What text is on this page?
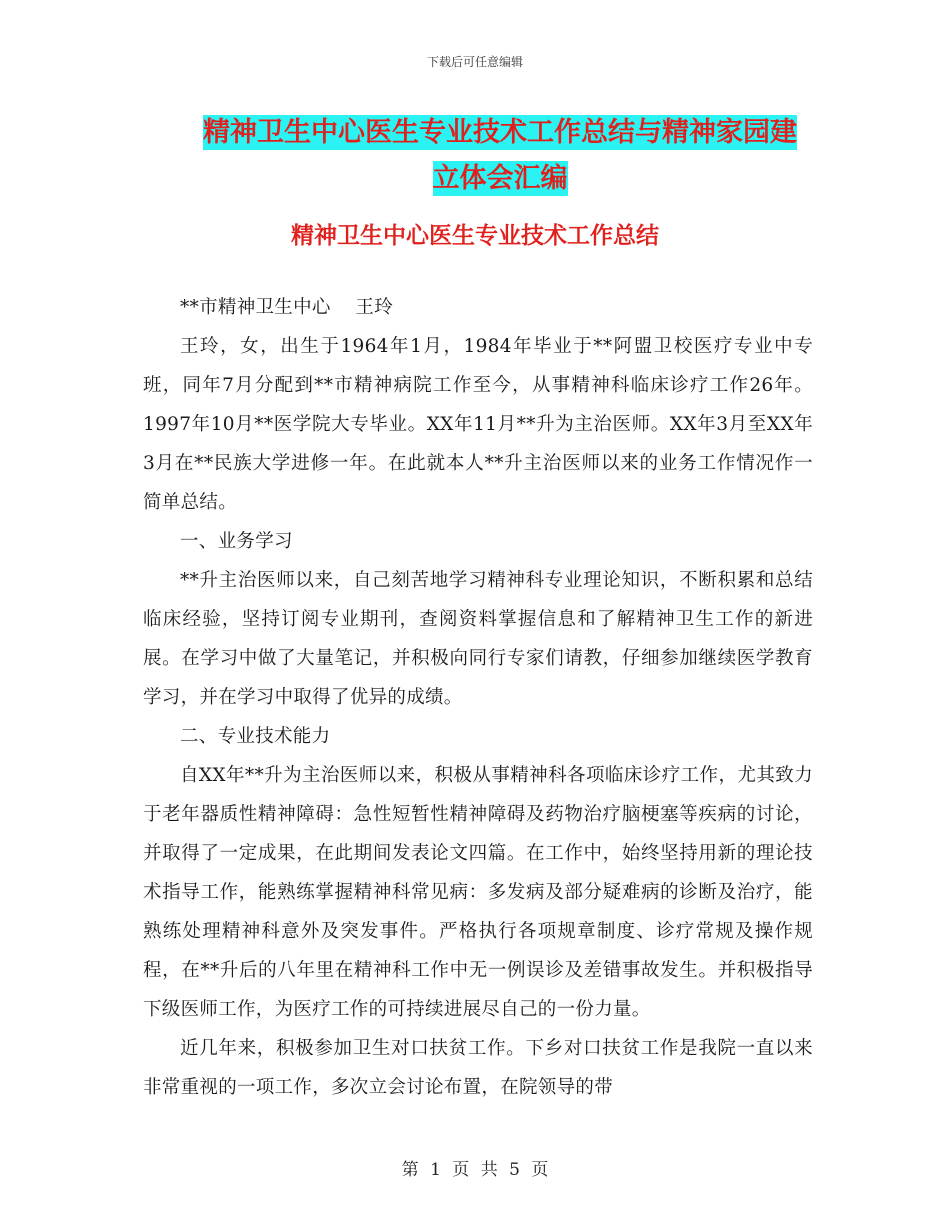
下载后可任意编辑
精神卫生中心医生专业技术工作总结与精神家园建立体会汇编
精神卫生中心医生专业技术工作总结

**市精神卫生中心    王玲

王玲，女，出生于1964年1月，1984年毕业于**阿盟卫校医疗专业中专班，同年7月分配到**市精神病院工作至今，从事精神科临床诊疗工作26年。1997年10月**医学院大专毕业。XX年11月**升为主治医师。XX年3月至XX年3月在**民族大学进修一年。在此就本人**升主治医师以来的业务工作情况作一简单总结。

一、业务学习

**升主治医师以来，自己刻苦地学习精神科专业理论知识，不断积累和总结临床经验，坚持订阅专业期刊，查阅资料掌握信息和了解精神卫生工作的新进展。在学习中做了大量笔记，并积极向同行专家们请教，仔细参加继续医学教育学习，并在学习中取得了优异的成绩。

二、专业技术能力

自XX年**升为主治医师以来，积极从事精神科各项临床诊疗工作，尤其致力于老年器质性精神障碍：急性短暂性精神障碍及药物治疗脑梗塞等疾病的讨论，并取得了一定成果，在此期间发表论文四篇。在工作中，始终坚持用新的理论技术指导工作，能熟练掌握精神科常见病：多发病及部分疑难病的诊断及治疗，能熟练处理精神科意外及突发事件。严格执行各项规章制度、诊疗常规及操作规程，在**升后的八年里在精神科工作中无一例误诊及差错事故发生。并积极指导下级医师工作，为医疗工作的可持续进展尽自己的一份力量。

近几年来，积极参加卫生对口扶贫工作。下乡对口扶贫工作是我院一直以来非常重视的一项工作，多次立会讨论布置，在院领导的带

第 1 页 共 5 页
